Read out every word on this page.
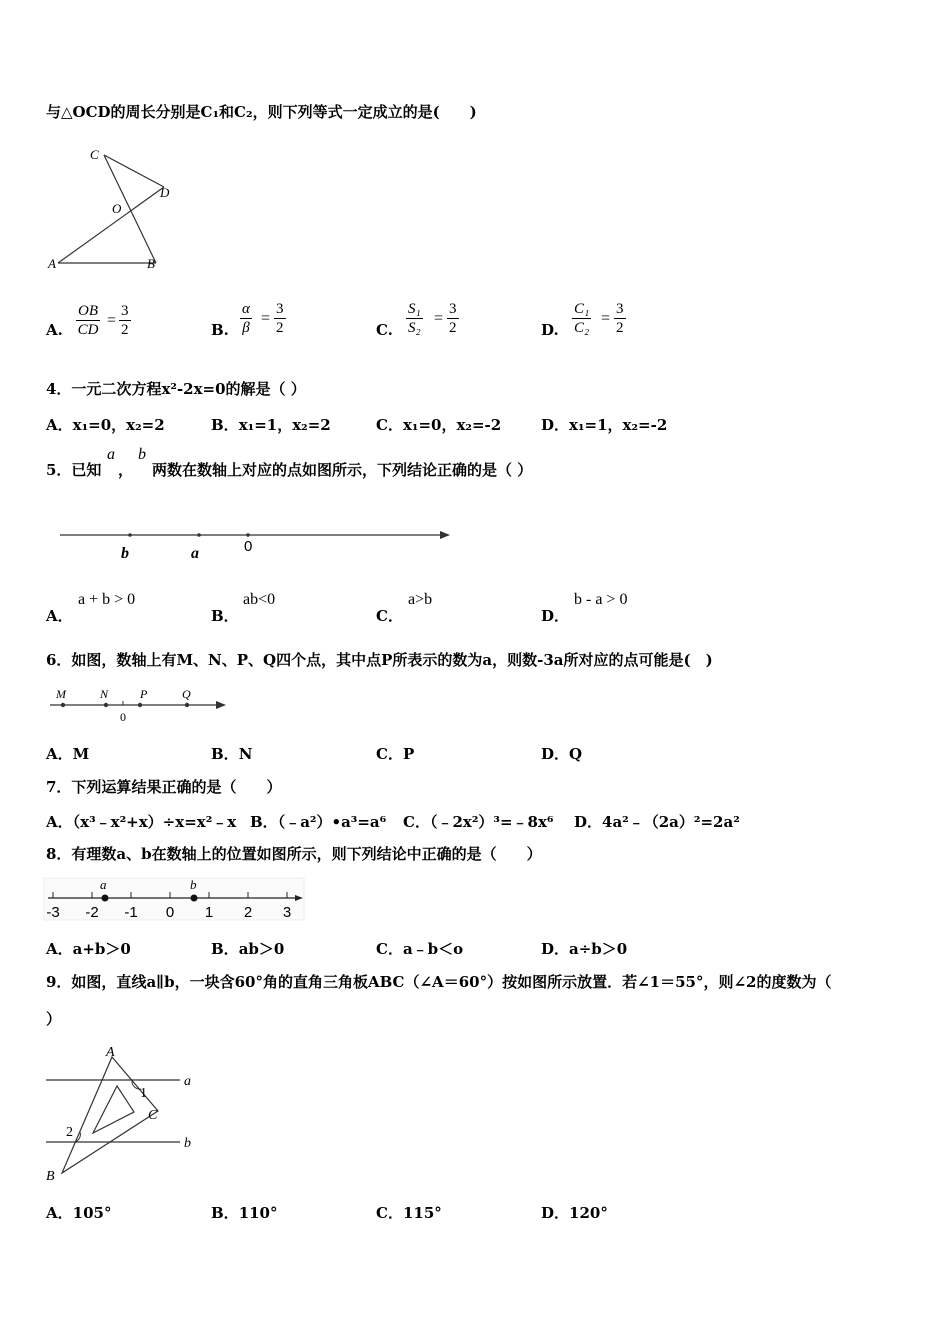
与△OCD的周长分别是C₁和C₂，则下列等式一定成立的是(　　)
C
D
O
A	B
A. $\frac{OB}{CD}$ =
3
2	B. $\frac{\alpha}{\beta}$ =
3
2	C. $\frac{\text{S₁}}{\text{S₂}}$ =
3
2	D. $\frac{\text{C₁}}{\text{C₂}}$ =
3
2
4．一元二次方程x²-2x=0的解是（ ）
A．x₁=0，x₂=2	B．x₁=1，x₂=2	C．x₁=0，x₂=-2	D．x₁=1，x₂=-2
5．已知
a
，
b
两数在数轴上对应的点如图所示，下列结论正确的是（ ）
b	a	0
A．
a + b > 0
B．
ab<0
C．
a>b
D．
b - a > 0
6．如图，数轴上有M、N、P、Q四个点，其中点P所表示的数为a，则数-3a所对应的点可能是(　)
M	N	P	Q
0
A．M	B．N	C．P	D．Q
7．下列运算结果正确的是（　　）
A．（x³﹣x²+x）÷x=x²﹣x B．（﹣a²）•a³=a⁶ C．（﹣2x²）³=﹣8x⁶ D．4a²﹣（2a）²=2a²
8．有理数a、b在数轴上的位置如图所示，则下列结论中正确的是（　　）
-3 -2 -1 0 1 2 3
a	b
A．a+b＞0	B．ab＞0	C．a﹣b＜o	D．a÷b＞0
9．如图，直线a∥b，一块含60°角的直角三角板ABC（∠A＝60°）按如图所示放置．若∠1＝55°，则∠2的度数为（
）
A
B
C
a
b
1
2
A．105°	B．110°	C．115°	D．120°
